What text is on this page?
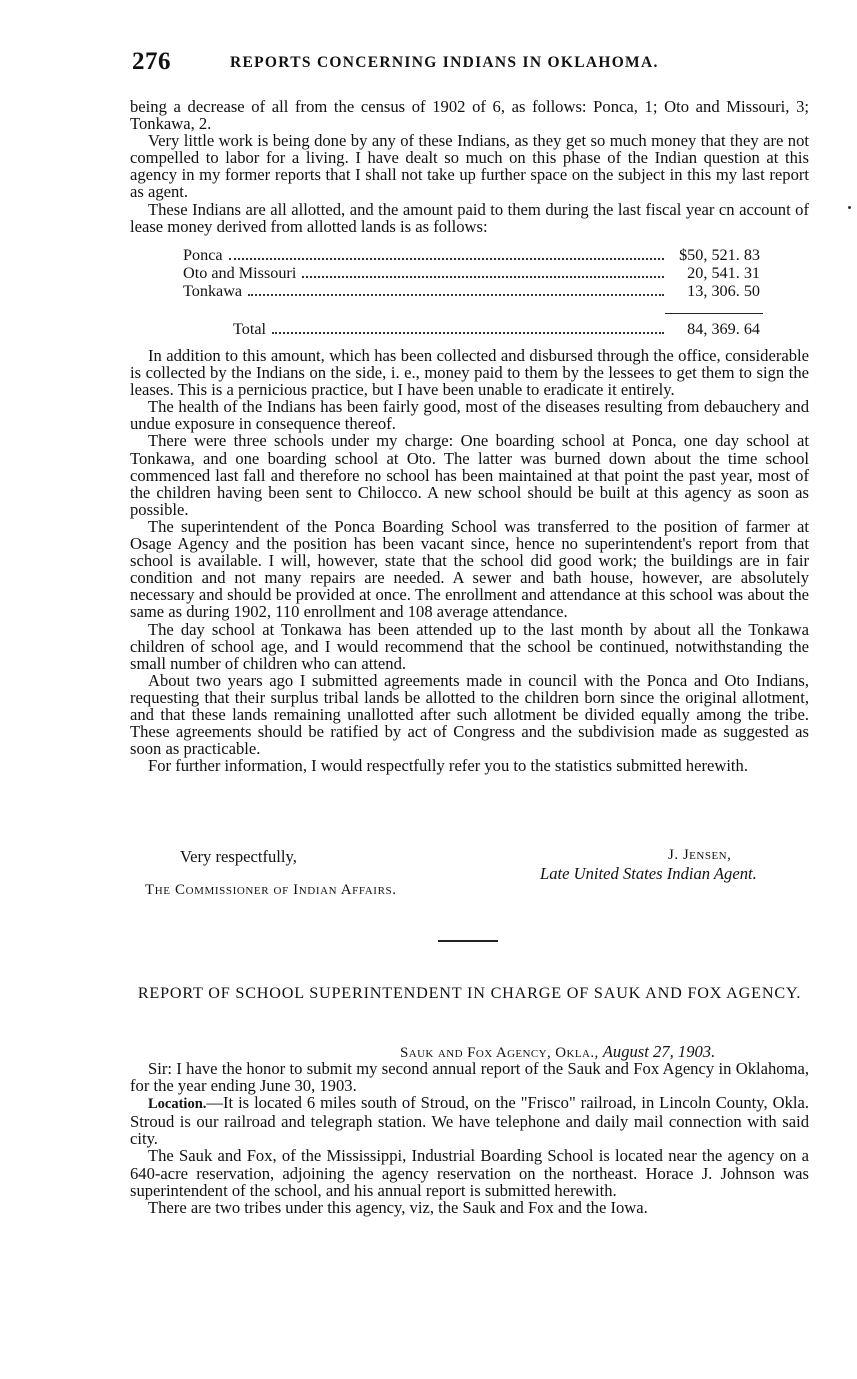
276	REPORTS CONCERNING INDIANS IN OKLAHOMA.

being a decrease of all from the census of 1902 of 6, as follows: Ponca, 1; Oto and Missouri, 3; Tonkawa, 2.

Very little work is being done by any of these Indians, as they get so much money that they are not compelled to labor for a living. I have dealt so much on this phase of the Indian question at this agency in my former reports that I shall not take up further space on the subject in this my last report as agent.

These Indians are all allotted, and the amount paid to them during the last fiscal year cn account of lease money derived from allotted lands is as follows:

Ponca	$50, 521. 83
Oto and Missouri	20, 541. 31
Tonkawa	13, 306. 50
Total	84, 369. 64

In addition to this amount, which has been collected and disbursed through the office, considerable is collected by the Indians on the side, i. e., money paid to them by the lessees to get them to sign the leases. This is a pernicious practice, but I have been unable to eradicate it entirely.

The health of the Indians has been fairly good, most of the diseases resulting from debauchery and undue exposure in consequence thereof.

There were three schools under my charge: One boarding school at Ponca, one day school at Tonkawa, and one boarding school at Oto. The latter was burned down about the time school commenced last fall and therefore no school has been maintained at that point the past year, most of the children having been sent to Chilocco. A new school should be built at this agency as soon as possible.

The superintendent of the Ponca Boarding School was transferred to the position of farmer at Osage Agency and the position has been vacant since, hence no superintendent's report from that school is available. I will, however, state that the school did good work; the buildings are in fair condition and not many repairs are needed. A sewer and bath house, however, are absolutely necessary and should be provided at once. The enrollment and attendance at this school was about the same as during 1902, 110 enrollment and 108 average attendance.

The day school at Tonkawa has been attended up to the last month by about all the Tonkawa children of school age, and I would recommend that the school be continued, notwithstanding the small number of children who can attend.

About two years ago I submitted agreements made in council with the Ponca and Oto Indians, requesting that their surplus tribal lands be allotted to the children born since the original allotment, and that these lands remaining unallotted after such allotment be divided equally among the tribe. These agreements should be ratified by act of Congress and the subdivision made as suggested as soon as practicable.

For further information, I would respectfully refer you to the statistics submitted herewith.

Very respectfully,	J. Jensen,
Late United States Indian Agent.
The Commissioner of Indian Affairs.
REPORT OF SCHOOL SUPERINTENDENT IN CHARGE OF SAUK AND FOX AGENCY.
Sauk and Fox Agency, Okla., August 27, 1903.

Sir: I have the honor to submit my second annual report of the Sauk and Fox Agency in Oklahoma, for the year ending June 30, 1903.

Location.—It is located 6 miles south of Stroud, on the "Frisco" railroad, in Lincoln County, Okla. Stroud is our railroad and telegraph station. We have telephone and daily mail connection with said city.

The Sauk and Fox, of the Mississippi, Industrial Boarding School is located near the agency on a 640-acre reservation, adjoining the agency reservation on the northeast. Horace J. Johnson was superintendent of the school, and his annual report is submitted herewith.

There are two tribes under this agency, viz, the Sauk and Fox and the Iowa.
